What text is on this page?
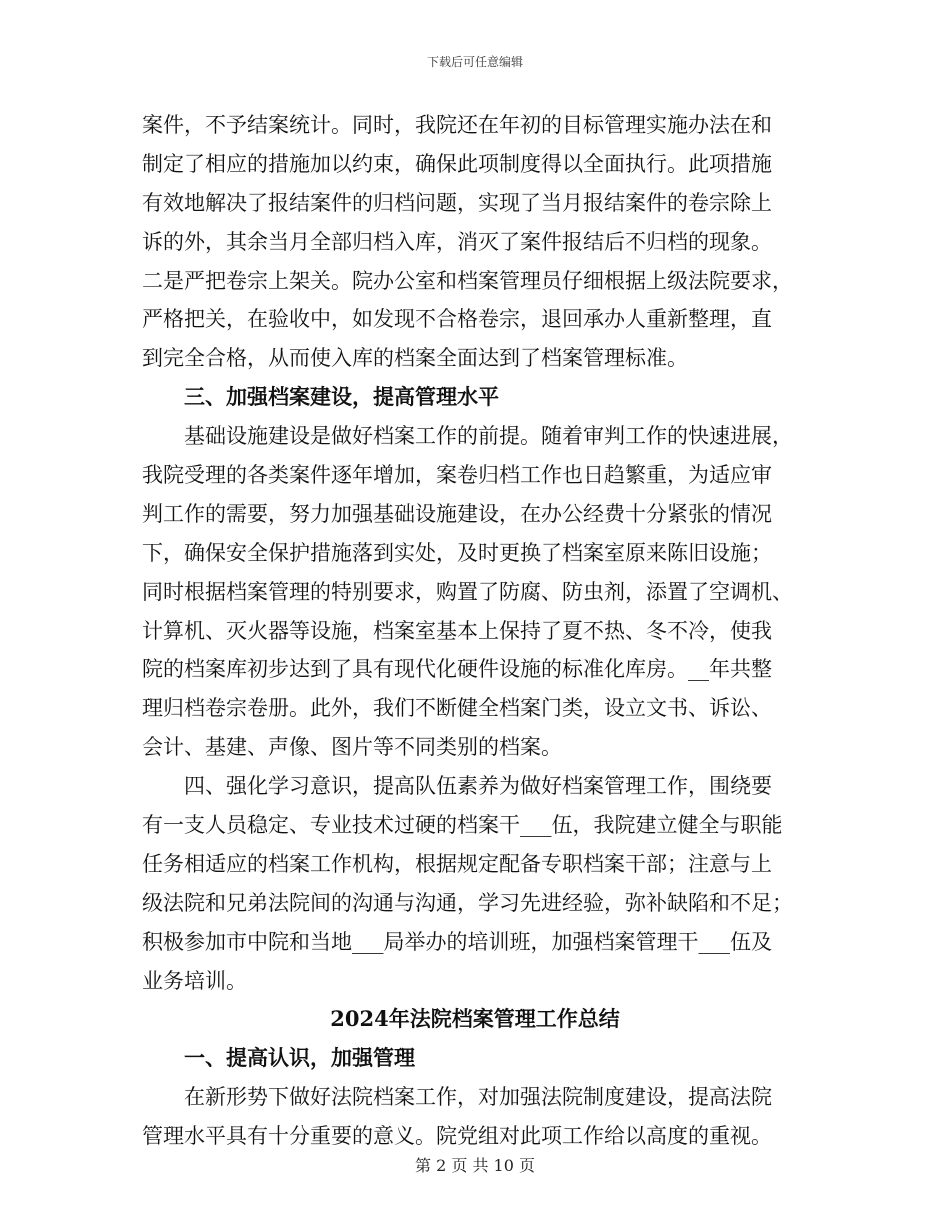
下载后可任意编辑
案件，不予结案统计。同时，我院还在年初的目标管理实施办法在和
制定了相应的措施加以约束，确保此项制度得以全面执行。此项措施
有效地解决了报结案件的归档问题，实现了当月报结案件的卷宗除上
诉的外，其余当月全部归档入库，消灭了案件报结后不归档的现象。
二是严把卷宗上架关。院办公室和档案管理员仔细根据上级法院要求，
严格把关，在验收中，如发现不合格卷宗，退回承办人重新整理，直
到完全合格，从而使入库的档案全面达到了档案管理标准。
三、加强档案建设，提高管理水平
基础设施建设是做好档案工作的前提。随着审判工作的快速进展，
我院受理的各类案件逐年增加，案卷归档工作也日趋繁重，为适应审
判工作的需要，努力加强基础设施建设，在办公经费十分紧张的情况
下，确保安全保护措施落到实处，及时更换了档案室原来陈旧设施；
同时根据档案管理的特别要求，购置了防腐、防虫剂，添置了空调机、
计算机、灭火器等设施，档案室基本上保持了夏不热、冬不冷，使我
院的档案库初步达到了具有现代化硬件设施的标准化库房。__年共整
理归档卷宗卷册。此外，我们不断健全档案门类，设立文书、诉讼、
会计、基建、声像、图片等不同类别的档案。
四、强化学习意识，提高队伍素养为做好档案管理工作，围绕要
有一支人员稳定、专业技术过硬的档案干___伍，我院建立健全与职能
任务相适应的档案工作机构，根据规定配备专职档案干部；注意与上
级法院和兄弟法院间的沟通与沟通，学习先进经验，弥补缺陷和不足；
积极参加市中院和当地___局举办的培训班，加强档案管理干___伍及
业务培训。
2024年法院档案管理工作总结
一、提高认识，加强管理
在新形势下做好法院档案工作，对加强法院制度建设，提高法院
管理水平具有十分重要的意义。院党组对此项工作给以高度的重视。
第 2 页 共 10 页
